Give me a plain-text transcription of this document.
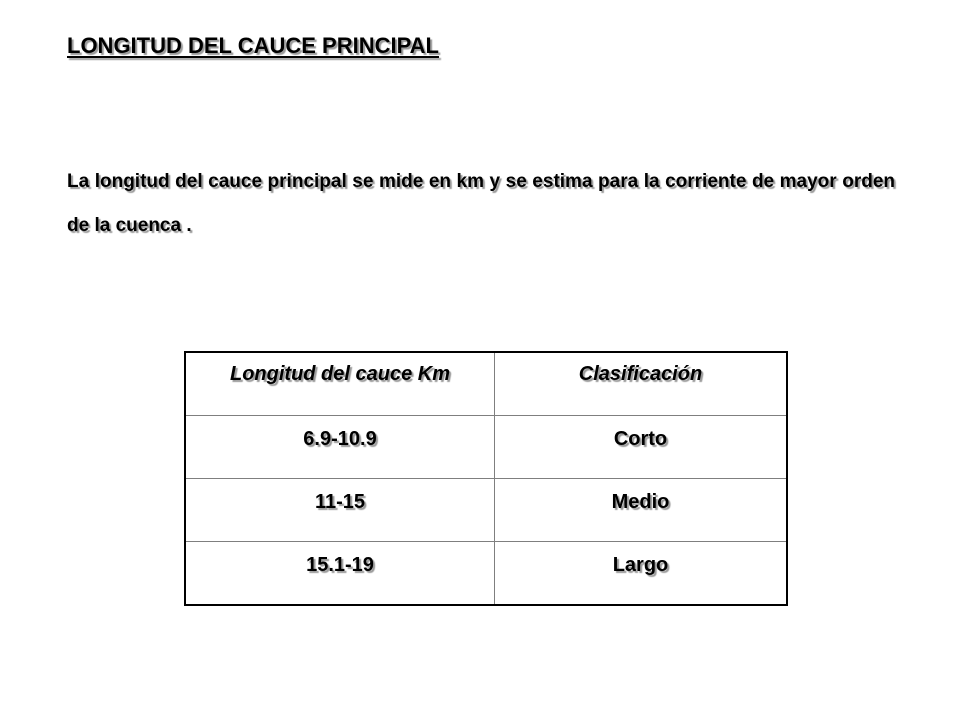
LONGITUD DEL CAUCE PRINCIPAL

La longitud del cauce principal se mide en km y se estima para la corriente de mayor orden de la cuenca .

Longitud del cauce Km	Clasificación
6.9-10.9	Corto
11-15	Medio
15.1-19	Largo
